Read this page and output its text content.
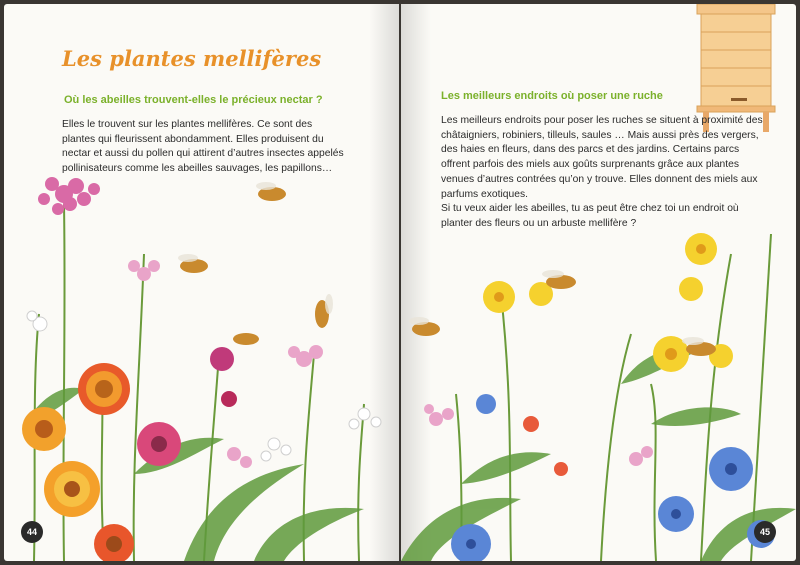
Les plantes mellifères
Où les abeilles trouvent-elles le précieux nectar ?

Elles le trouvent sur les plantes mellifères. Ce sont des plantes qui fleurissent abondamment. Elles produisent du nectar et aussi du pollen qui attirent d’autres insectes appelés pollinisateurs comme les abeilles sauvages, les papillons…

44
Les meilleurs endroits où poser une ruche

Les meilleurs endroits pour poser les ruches se situent à proximité des châtaigniers, robiniers, tilleuls, saules … Mais aussi près des vergers, des haies en fleurs, dans des parcs et des jardins. Certains parcs offrent parfois des miels aux goûts surprenants grâce aux plantes venues d’autres contrées qu’on y trouve. Elles donnent des miels aux parfums exotiques.

Si tu veux aider les abeilles, tu as peut être chez toi un endroit où planter des fleurs ou un arbuste mellifère ?

45
